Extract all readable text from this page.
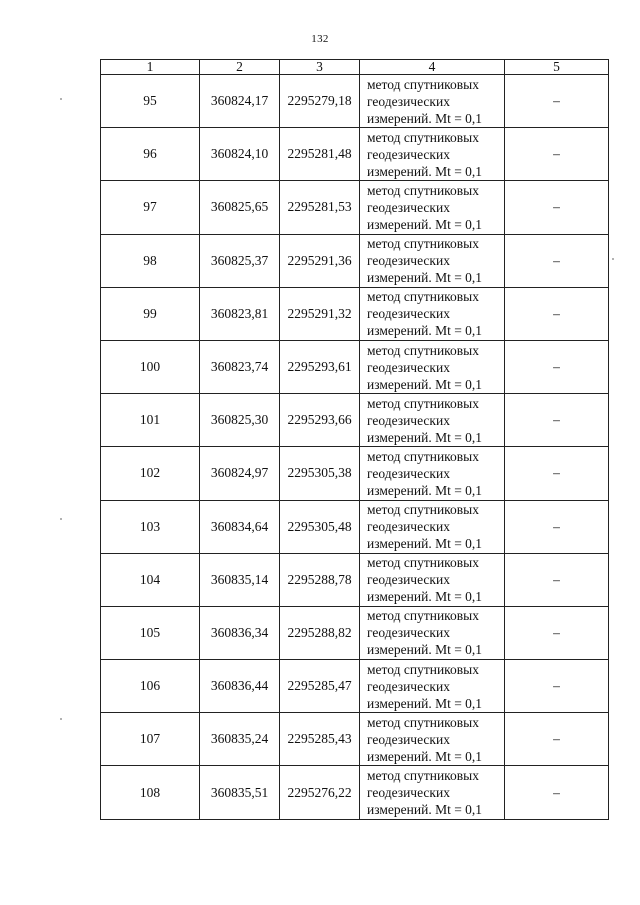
132
1	2	3	4	5
95	360824,17	2295279,18	метод спутниковых
геодезических
измерений. Mt = 0,1	–
96	360824,10	2295281,48	метод спутниковых
геодезических
измерений. Mt = 0,1	–
97	360825,65	2295281,53	метод спутниковых
геодезических
измерений. Mt = 0,1	–
98	360825,37	2295291,36	метод спутниковых
геодезических
измерений. Mt = 0,1	–
99	360823,81	2295291,32	метод спутниковых
геодезических
измерений. Mt = 0,1	–
100	360823,74	2295293,61	метод спутниковых
геодезических
измерений. Mt = 0,1	–
101	360825,30	2295293,66	метод спутниковых
геодезических
измерений. Mt = 0,1	–
102	360824,97	2295305,38	метод спутниковых
геодезических
измерений. Mt = 0,1	–
103	360834,64	2295305,48	метод спутниковых
геодезических
измерений. Mt = 0,1	–
104	360835,14	2295288,78	метод спутниковых
геодезических
измерений. Mt = 0,1	–
105	360836,34	2295288,82	метод спутниковых
геодезических
измерений. Mt = 0,1	–
106	360836,44	2295285,47	метод спутниковых
геодезических
измерений. Mt = 0,1	–
107	360835,24	2295285,43	метод спутниковых
геодезических
измерений. Mt = 0,1	–
108	360835,51	2295276,22	метод спутниковых
геодезических
измерений. Mt = 0,1	–
